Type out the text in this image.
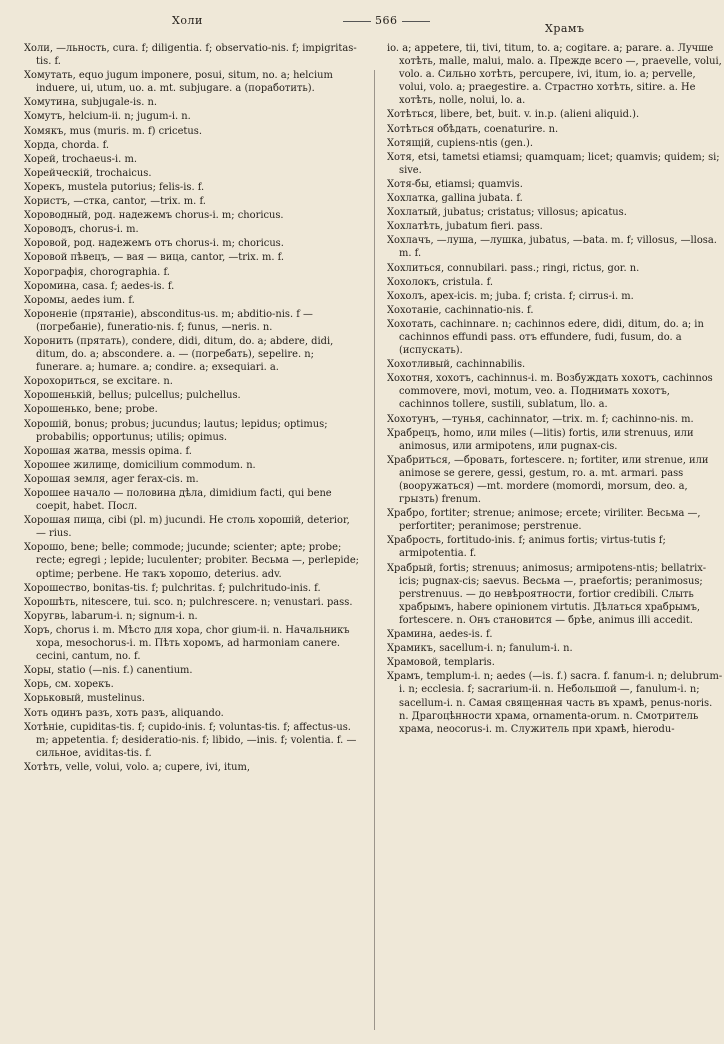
Холи	566
Храмъ

Холи, —льность, cura. f; diligentia. f; observatio-nis. f; impigritas-tis. f.

Хомутать, equo jugum imponere, posui, situm, no. a; helcium induere, ui, utum, uo. a. mt. subjugare. a (поработить).

Хомутина, subjugale-is. n.

Хомутъ, helcium-ii. n; jugum-i. n.

Хомякъ, mus (muris. m. f) cricetus.

Хорда, chorda. f.

Хорей, trochaeus-i. m.

Хорейческій, trochaicus.

Хорекъ, mustela putorius; felis-is. f.

Хористъ, —стка, cantor, —trix. m. f.

Хороводный, род. надежемъ chorus-i. m; choricus.

Хороводъ, chorus-i. m.

Хоровой, род. надежемъ отъ chorus-i. m; choricus.

Хоровой пѣвецъ, — вая — вица, cantor, —trix. m. f.

Хорографія, chorographia. f.

Хоромина, casa. f; aedes-is. f.

Хоромы, aedes ium. f.

Хороненіе (прятаніе), absconditus-us. m; abditio-nis. f — (погребаніе), funeratio-nis. f; funus, —neris. n.

Хоронить (прятать), condere, didi, ditum, do. a; abdere, didi, ditum, do. a; abscondere. a. — (погребать), sepelire. n; funerare. a; humare. a; condire. a; exsequiari. a.

Хорохориться, se excitare. n.

Хорошенькій, bellus; pulcellus; pulchellus.

Хорошенько, bene; probe.

Хорошій, bonus; probus; jucundus; lautus; lepidus; optimus; probabilis; opportunus; utilis; opimus.

Хорошая жатва, messis opima. f.

Хорошее жилище, domicilium commodum. n.

Хорошая земля, ager ferax-cis. m.

Хорошее начало — половина дѣла, dimidium facti, qui bene coepit, habet. Посл.

Хорошая пища, cibi (pl. m) jucundi. Не столь хорошій, deterior, — rius.

Хорошо, bene; belle; commode; jucunde; scienter; apte; probe; recte; egregi ; lepide; luculenter; probiter. Весьма —, perlepide; optime; perbene. Не такъ хорошо, deterius. adv.

Хорошество, bonitas-tis. f; pulchritas. f; pulchritudo-inis. f.

Хорошѣть, nitescere, tui. sco. n; pulchrescere. n; venustari. pass.

Хоругвь, labarum-i. n; signum-i. n.

Хоръ, chorus i. m. Мѣсто для хора, chor gium-ii. n. Начальникъ хора, mesochorus-i. m. Пѣть хоромъ, ad harmoniam canere. cecini, cantum, no. f.

Хоры, statio (—nis. f.) canentium.

Хорь, см. хорекъ.

Хорьковый, mustelinus.

Хоть одинъ разъ, хоть разъ, aliquando.

Хотѣніе, cupiditas-tis. f; cupido-inis. f; voluntas-tis. f; affectus-us. m; appetentia. f; desideratio-nis. f; libido, —inis. f; volentia. f. — сильное, aviditas-tis. f.

Хотѣть, velle, volui, volo. a; cupere, ivi, itum,

io. a; appetere, tii, tivi, titum, to. a; cogitare. a; parare. a. Лучше хотѣть, malle, malui, malo. a. Прежде всего —, praevelle, volui, volo. a. Сильно хотѣть, percupere, ivi, itum, io. a; pervelle, volui, volo. a; praegestire. a. Страстно хотѣть, sitire. a. Не хотѣть, nolle, nolui, lo. a.

Хотѣться, libere, bet, buit. v. in.p. (alieni aliquid.).

Хотѣться обѣдать, coenaturire. n.

Хотящій, cupiens-ntis (gen.).

Хотя, etsi, tametsi etiamsi; quamquam; licet; quamvis; quidem; si; sive.

Хотя-бы, etiamsi; quamvis.

Хохлатка, gallina jubata. f.

Хохлатый, jubatus; cristatus; villosus; apicatus.

Хохлатѣть, jubatum fieri. pass.

Хохлачъ, —луша, —лушка, jubatus, —bata. m. f; villosus, —llosa. m. f.

Хохлиться, connubilari. pass.; ringi, rictus, gor. n.

Хохолокъ, cristula. f.

Хохолъ, apex-icis. m; juba. f; crista. f; cirrus-i. m.

Хохотаніе, cachinnatio-nis. f.

Хохотать, cachinnare. n; cachinnos edere, didi, ditum, do. a; in cachinnos effundi pass. отъ effundere, fudi, fusum, do. a (испускать).

Хохотливый, cachinnabilis.

Хохотня, хохотъ, cachinnus-i. m. Возбуждать хохотъ, cachinnos commovere, movi, motum, veo. a. Поднимать хохотъ, cachinnos tollere, sustili, sublatum, llo. a.

Хохотунъ, —тунья, cachinnator, —trix. m. f; cachinno-nis. m.

Храбрецъ, homo, или miles (—litis) fortis, или strenuus, или animosus, или armipotens, или pugnax-cis.

Храбриться, —бровать, fortescere. n; fortiter, или strenue, или animose se gerere, gessi, gestum, ro. a. mt. armari. pass (вооружаться) —mt. mordere (momordi, morsum, deo. a, грызть) frenum.

Храбро, fortiter; strenue; animose; ercete; viriliter. Весьма —, perfortiter; peranimose; perstrenue.

Храбрость, fortitudo-inis. f; animus fortis; virtus-tutis f; armipotentia. f.

Храбрый, fortis; strenuus; animosus; armipotens-ntis; bellatrix-icis; pugnax-cis; saevus. Весьма —, praefortis; peranimosus; perstrenuus. — до невѣроятности, fortior credibili. Слыть храбрымъ, habere opinionem virtutis. Дѣлаться храбрымъ, fortescere. n. Онъ становится — брѣе, animus illi accedit.

Храмина, aedes-is. f.

Храмикъ, sacellum-i. n; fanulum-i. n.

Храмовой, templaris.

Храмъ, templum-i. n; aedes (—is. f.) sacra. f. fanum-i. n; delubrum-i. n; ecclesia. f; sacrarium-ii. n. Небольшой —, fanulum-i. n; sacellum-i. n. Самая священная часть въ храмѣ, penus-noris. n. Драгоцѣнности храма, ornamenta-orum. n. Смотритель храма, neocorus-i. m. Служитель при храмѣ, hierodu-
